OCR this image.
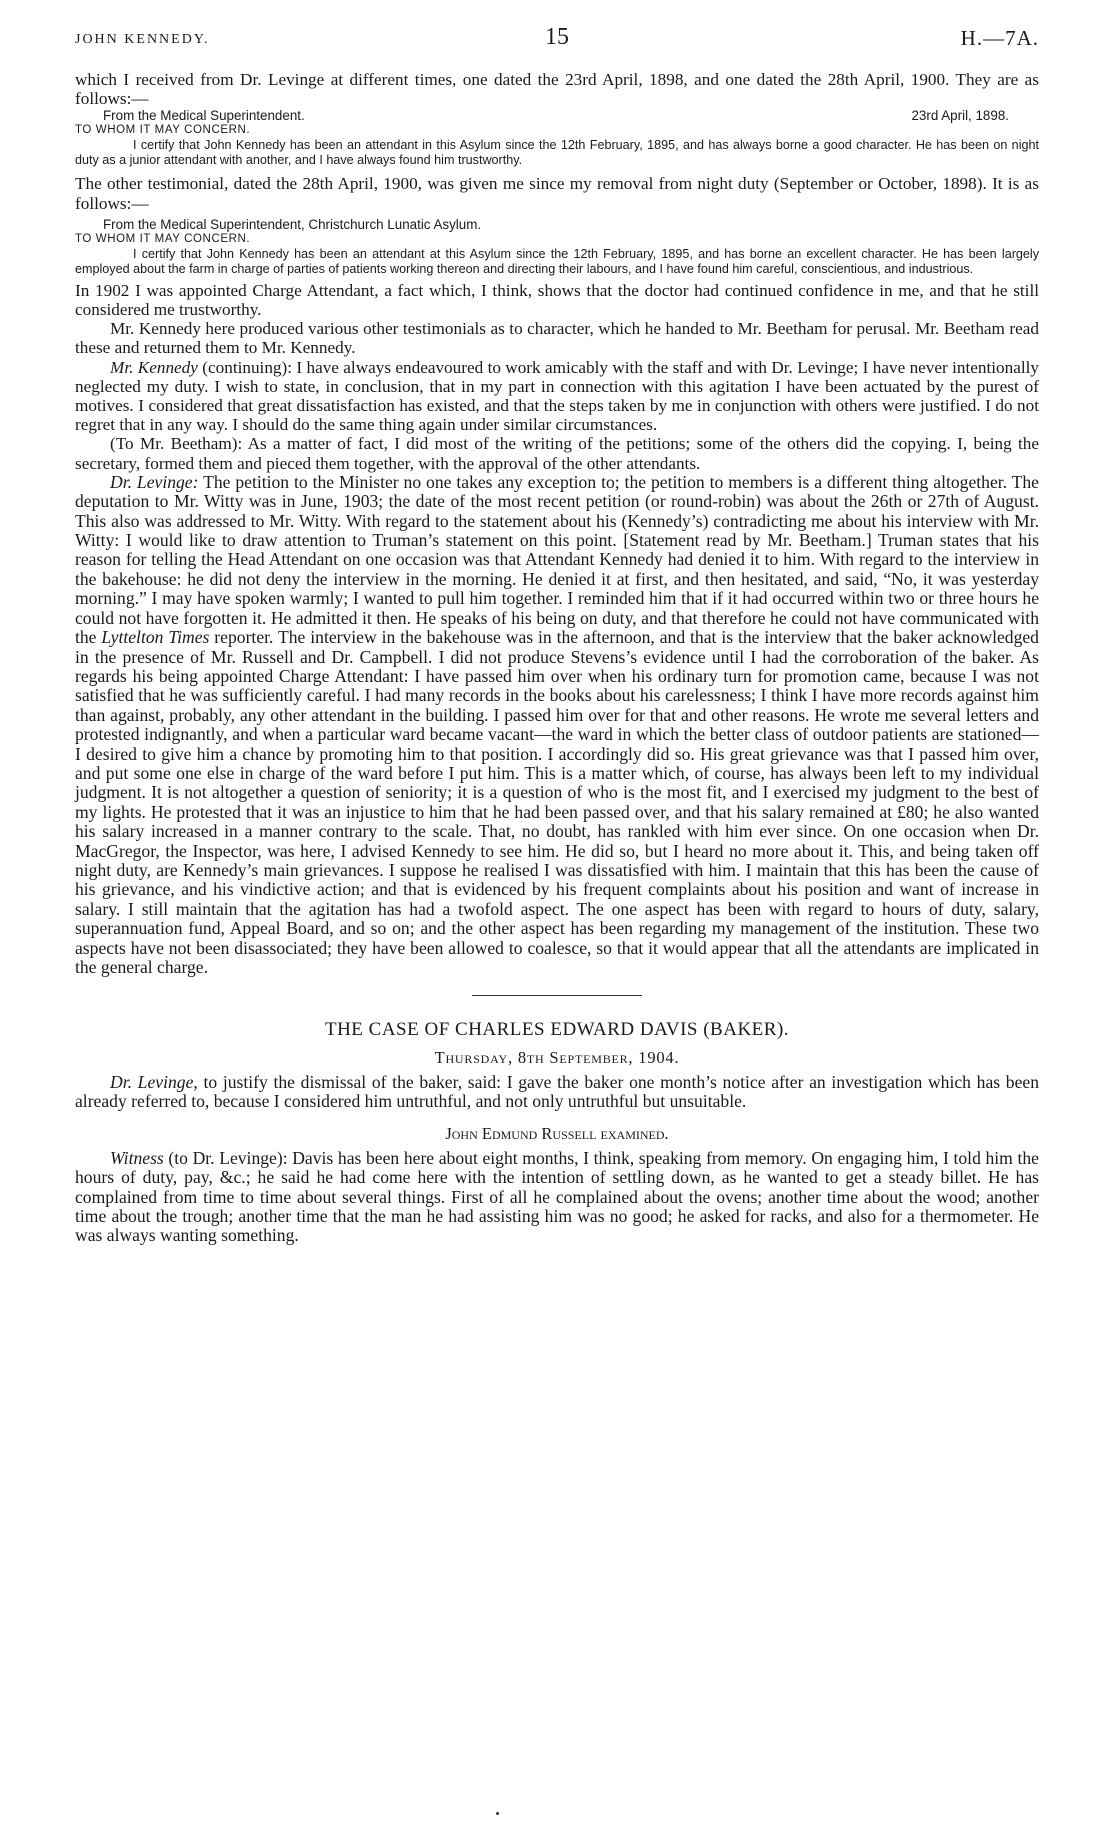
JOHN KENNEDY.	15	H.—7A.

which I received from Dr. Levinge at different times, one dated the 23rd April, 1898, and one dated the 28th April, 1900. They are as follows:—

From the Medical Superintendent.	23rd April, 1898.

TO WHOM IT MAY CONCERN.

I certify that John Kennedy has been an attendant in this Asylum since the 12th February, 1895, and has always borne a good character. He has been on night duty as a junior attendant with another, and I have always found him trustworthy.

The other testimonial, dated the 28th April, 1900, was given me since my removal from night duty (September or October, 1898). It is as follows:—

From the Medical Superintendent, Christchurch Lunatic Asylum.

TO WHOM IT MAY CONCERN.

I certify that John Kennedy has been an attendant at this Asylum since the 12th February, 1895, and has borne an excellent character. He has been largely employed about the farm in charge of parties of patients working thereon and directing their labours, and I have found him careful, conscientious, and industrious.

In 1902 I was appointed Charge Attendant, a fact which, I think, shows that the doctor had continued confidence in me, and that he still considered me trustworthy.

Mr. Kennedy here produced various other testimonials as to character, which he handed to Mr. Beetham for perusal. Mr. Beetham read these and returned them to Mr. Kennedy.

Mr. Kennedy (continuing): I have always endeavoured to work amicably with the staff and with Dr. Levinge; I have never intentionally neglected my duty. I wish to state, in conclusion, that in my part in connection with this agitation I have been actuated by the purest of motives. I considered that great dissatisfaction has existed, and that the steps taken by me in conjunction with others were justified. I do not regret that in any way. I should do the same thing again under similar circumstances.

(To Mr. Beetham): As a matter of fact, I did most of the writing of the petitions; some of the others did the copying. I, being the secretary, formed them and pieced them together, with the approval of the other attendants.

Dr. Levinge: The petition to the Minister no one takes any exception to; the petition to members is a different thing altogether. The deputation to Mr. Witty was in June, 1903; the date of the most recent petition (or round-robin) was about the 26th or 27th of August. This also was addressed to Mr. Witty. With regard to the statement about his (Kennedy’s) contradicting me about his interview with Mr. Witty: I would like to draw attention to Truman’s statement on this point. [Statement read by Mr. Beetham.] Truman states that his reason for telling the Head Attendant on one occasion was that Attendant Kennedy had denied it to him. With regard to the interview in the bakehouse: he did not deny the interview in the morning. He denied it at first, and then hesitated, and said, “No, it was yesterday morning.” I may have spoken warmly; I wanted to pull him together. I reminded him that if it had occurred within two or three hours he could not have forgotten it. He admitted it then. He speaks of his being on duty, and that therefore he could not have communicated with the Lyttelton Times reporter. The interview in the bakehouse was in the afternoon, and that is the interview that the baker acknowledged in the presence of Mr. Russell and Dr. Campbell. I did not produce Stevens’s evidence until I had the corroboration of the baker. As regards his being appointed Charge Attendant: I have passed him over when his ordinary turn for promotion came, because I was not satisfied that he was sufficiently careful. I had many records in the books about his carelessness; I think I have more records against him than against, probably, any other attendant in the building. I passed him over for that and other reasons. He wrote me several letters and protested indignantly, and when a particular ward became vacant—the ward in which the better class of outdoor patients are stationed—I desired to give him a chance by promoting him to that position. I accordingly did so. His great grievance was that I passed him over, and put some one else in charge of the ward before I put him. This is a matter which, of course, has always been left to my individual judgment. It is not altogether a question of seniority; it is a question of who is the most fit, and I exercised my judgment to the best of my lights. He protested that it was an injustice to him that he had been passed over, and that his salary remained at £80; he also wanted his salary increased in a manner contrary to the scale. That, no doubt, has rankled with him ever since. On one occasion when Dr. MacGregor, the Inspector, was here, I advised Kennedy to see him. He did so, but I heard no more about it. This, and being taken off night duty, are Kennedy’s main grievances. I suppose he realised I was dissatisfied with him. I maintain that this has been the cause of his grievance, and his vindictive action; and that is evidenced by his frequent complaints about his position and want of increase in salary. I still maintain that the agitation has had a twofold aspect. The one aspect has been with regard to hours of duty, salary, superannuation fund, Appeal Board, and so on; and the other aspect has been regarding my management of the institution. These two aspects have not been disassociated; they have been allowed to coalesce, so that it would appear that all the attendants are implicated in the general charge.

THE CASE OF CHARLES EDWARD DAVIS (BAKER).

Thursday, 8th September, 1904.

Dr. Levinge, to justify the dismissal of the baker, said: I gave the baker one month’s notice after an investigation which has been already referred to, because I considered him untruthful, and not only untruthful but unsuitable.

John Edmund Russell examined.

Witness (to Dr. Levinge): Davis has been here about eight months, I think, speaking from memory. On engaging him, I told him the hours of duty, pay, &c.; he said he had come here with the intention of settling down, as he wanted to get a steady billet. He has complained from time to time about several things. First of all he complained about the ovens; another time about the wood; another time about the trough; another time that the man he had assisting him was no good; he asked for racks, and also for a thermometer. He was always wanting something.
